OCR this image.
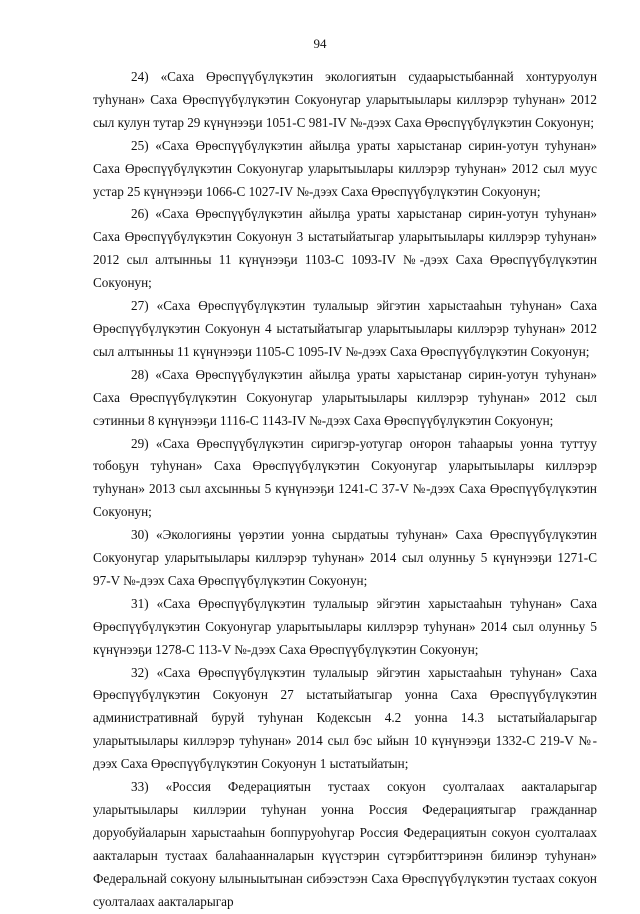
94

24) «Саха Өрөспүүбүлүкэтин экологиятын судаарыстыбаннай хонтуруолун туһунан» Саха Өрөспүүбүлүкэтин Сокуонугар уларытыылары киллэрэр туһунан» 2012 сыл кулун тутар 29 күнүнээҕи 1051-С 981-IV №-дээх Саха Өрөспүүбүлүкэтин Сокуонун;

25) «Саха Өрөспүүбүлүкэтин айылҕа ураты харыстанар сирин-уотун туһунан» Саха Өрөспүүбүлүкэтин Сокуонугар уларытыылары киллэрэр туһунан» 2012 сыл муус устар 25 күнүнээҕи 1066-С 1027-IV №-дээх Саха Өрөспүүбүлүкэтин Сокуонун;

26) «Саха Өрөспүүбүлүкэтин айылҕа ураты харыстанар сирин-уотун туһунан» Саха Өрөспүүбүлүкэтин Сокуонун 3 ыстатыйатыгар уларытыылары киллэрэр туһунан» 2012 сыл алтынньы 11 күнүнээҕи 1103-С 1093-IV №-дээх Саха Өрөспүүбүлүкэтин Сокуонун;

27) «Саха Өрөспүүбүлүкэтин тулалыыр эйгэтин харыстааһын туһунан» Саха Өрөспүүбүлүкэтин Сокуонун 4 ыстатыйатыгар уларытыылары киллэрэр туһунан» 2012 сыл алтынньы 11 күнүнээҕи 1105-С 1095-IV №-дээх Саха Өрөспүүбүлүкэтин Сокуонун;

28) «Саха Өрөспүүбүлүкэтин айылҕа ураты харыстанар сирин-уотун туһунан» Саха Өрөспүүбүлүкэтин Сокуонугар уларытыылары киллэрэр туһунан» 2012 сыл сэтинньи 8 күнүнээҕи 1116-С 1143-IV №-дээх Саха Өрөспүүбүлүкэтин Сокуонун;

29) «Саха Өрөспүүбүлүкэтин сиригэр-уотугар оҥорон таһаарыы уонна туттуу тобоҕун туһунан» Саха Өрөспүүбүлүкэтин Сокуонугар уларытыылары киллэрэр туһунан» 2013 сыл ахсынньы 5 күнүнээҕи 1241-С 37-V №-дээх Саха Өрөспүүбүлүкэтин Сокуонун;

30) «Экологияны үөрэтии уонна сырдатыы туһунан» Саха Өрөспүүбүлүкэтин Сокуонугар уларытыылары киллэрэр туһунан» 2014 сыл олунньу 5 күнүнээҕи 1271-С 97-V №-дээх Саха Өрөспүүбүлүкэтин Сокуонун;

31) «Саха Өрөспүүбүлүкэтин тулалыыр эйгэтин харыстааһын туһунан» Саха Өрөспүүбүлүкэтин Сокуонугар уларытыылары киллэрэр туһунан» 2014 сыл олунньу 5 күнүнээҕи 1278-С 113-V №-дээх Саха Өрөспүүбүлүкэтин Сокуонун;

32) «Саха Өрөспүүбүлүкэтин тулалыыр эйгэтин харыстааһын туһунан» Саха Өрөспүүбүлүкэтин Сокуонун 27 ыстатыйатыгар уонна Саха Өрөспүүбүлүкэтин административнай буруй туһунан Кодексын 4.2 уонна 14.3 ыстатыйаларыгар уларытыылары киллэрэр туһунан» 2014 сыл бэс ыйын 10 күнүнээҕи 1332-С 219-V №-дээх Саха Өрөспүүбүлүкэтин Сокуонун 1 ыстатыйатын;

33) «Россия Федерациятын тустаах сокуон суолталаах аакталарыгар уларытыылары киллэрии туһунан уонна Россия Федерациятыгар гражданнар доруобуйаларын харыстааһын боппуруоһугар Россия Федерациятын сокуон суолталаах аакталарын тустаах балаһаанналарын күүстэрин сүтэрбиттэринэн билинэр туһунан» Федеральнай сокуону ылыныытынан сибээстээн Саха Өрөспүүбүлүкэтин тустаах сокуон суолталаах аакталарыгар
